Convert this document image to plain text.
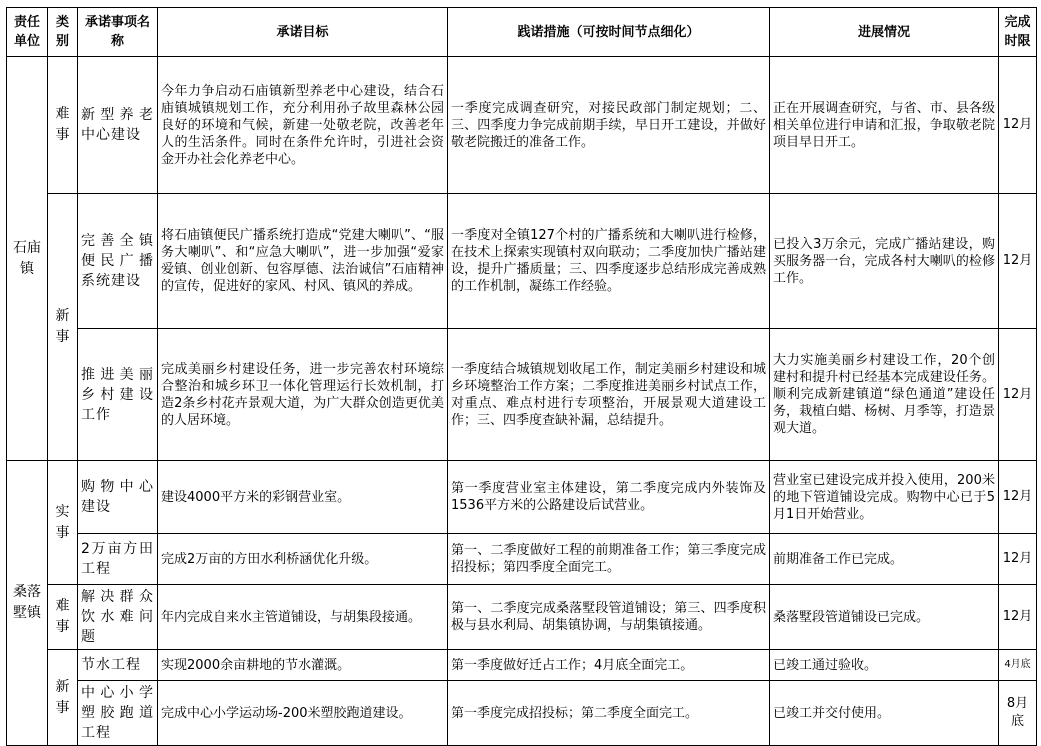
责任单位	类别	承诺事项名称	承诺目标	践诺措施（可按时间节点细化）	进展情况	完成时限
石庙镇	难事	新型养老中心建设	今年力争启动石庙镇新型养老中心建设，结合石庙镇城镇规划工作，充分利用孙子故里森林公园良好的环境和气候，新建一处敬老院，改善老年人的生活条件。同时在条件允许时，引进社会资金开办社会化养老中心。	一季度完成调查研究，对接民政部门制定规划；二、三、四季度力争完成前期手续，早日开工建设，并做好敬老院搬迁的准备工作。	正在开展调查研究，与省、市、县各级相关单位进行申请和汇报，争取敬老院项目早日开工。	12月
	新事	完善全镇便民广播系统建设	将石庙镇便民广播系统打造成“党建大喇叭”、“服务大喇叭”、和“应急大喇叭”，进一步加强“爱家爱镇、创业创新、包容厚德、法治诚信”石庙精神的宣传，促进好的家风、村风、镇风的养成。	一季度对全镇127个村的广播系统和大喇叭进行检修，在技术上探索实现镇村双向联动；二季度加快广播站建设，提升广播质量；三、四季度逐步总结形成完善成熟的工作机制，凝练工作经验。	已投入3万余元，完成广播站建设，购买服务器一台，完成各村大喇叭的检修工作。	12月
		推进美丽乡村建设工作	完成美丽乡村建设任务，进一步完善农村环境综合整治和城乡环卫一体化管理运行长效机制，打造2条乡村花卉景观大道，为广大群众创造更优美的人居环境。	一季度结合城镇规划收尾工作，制定美丽乡村建设和城乡环境整治工作方案；二季度推进美丽乡村试点工作，对重点、难点村进行专项整治，开展景观大道建设工作；三、四季度查缺补漏，总结提升。	大力实施美丽乡村建设工作，20个创建村和提升村已经基本完成建设任务。顺利完成新建镇道“绿色通道”建设任务，栽植白蜡、杨树、月季等，打造景观大道。	12月
桑落墅镇	实事	购物中心建设	建设4000平方米的彩钢营业室。	第一季度营业室主体建设，第二季度完成内外装饰及1536平方米的公路建设后试营业。	营业室已建设完成并投入使用，200米的地下管道铺设完成。购物中心已于5月1日开始营业。	12月
		2万亩方田工程	完成2万亩的方田水利桥涵优化升级。	第一、二季度做好工程的前期准备工作；第三季度完成招投标；第四季度全面完工。	前期准备工作已完成。	12月
	难事	解决群众饮水难问题	年内完成自来水主管道铺设，与胡集段接通。	第一、二季度完成桑落墅段管道铺设；第三、四季度积极与县水利局、胡集镇协调，与胡集镇接通。	桑落墅段管道铺设已完成。	12月
	新事	节水工程	实现2000余亩耕地的节水灌溉。	第一季度做好迁占工作；4月底全面完工。	已竣工通过验收。	4月底
		中心小学塑胶跑道工程	完成中心小学运动场-200米塑胶跑道建设。	第一季度完成招投标；第二季度全面完工。	已竣工并交付使用。	8月底
